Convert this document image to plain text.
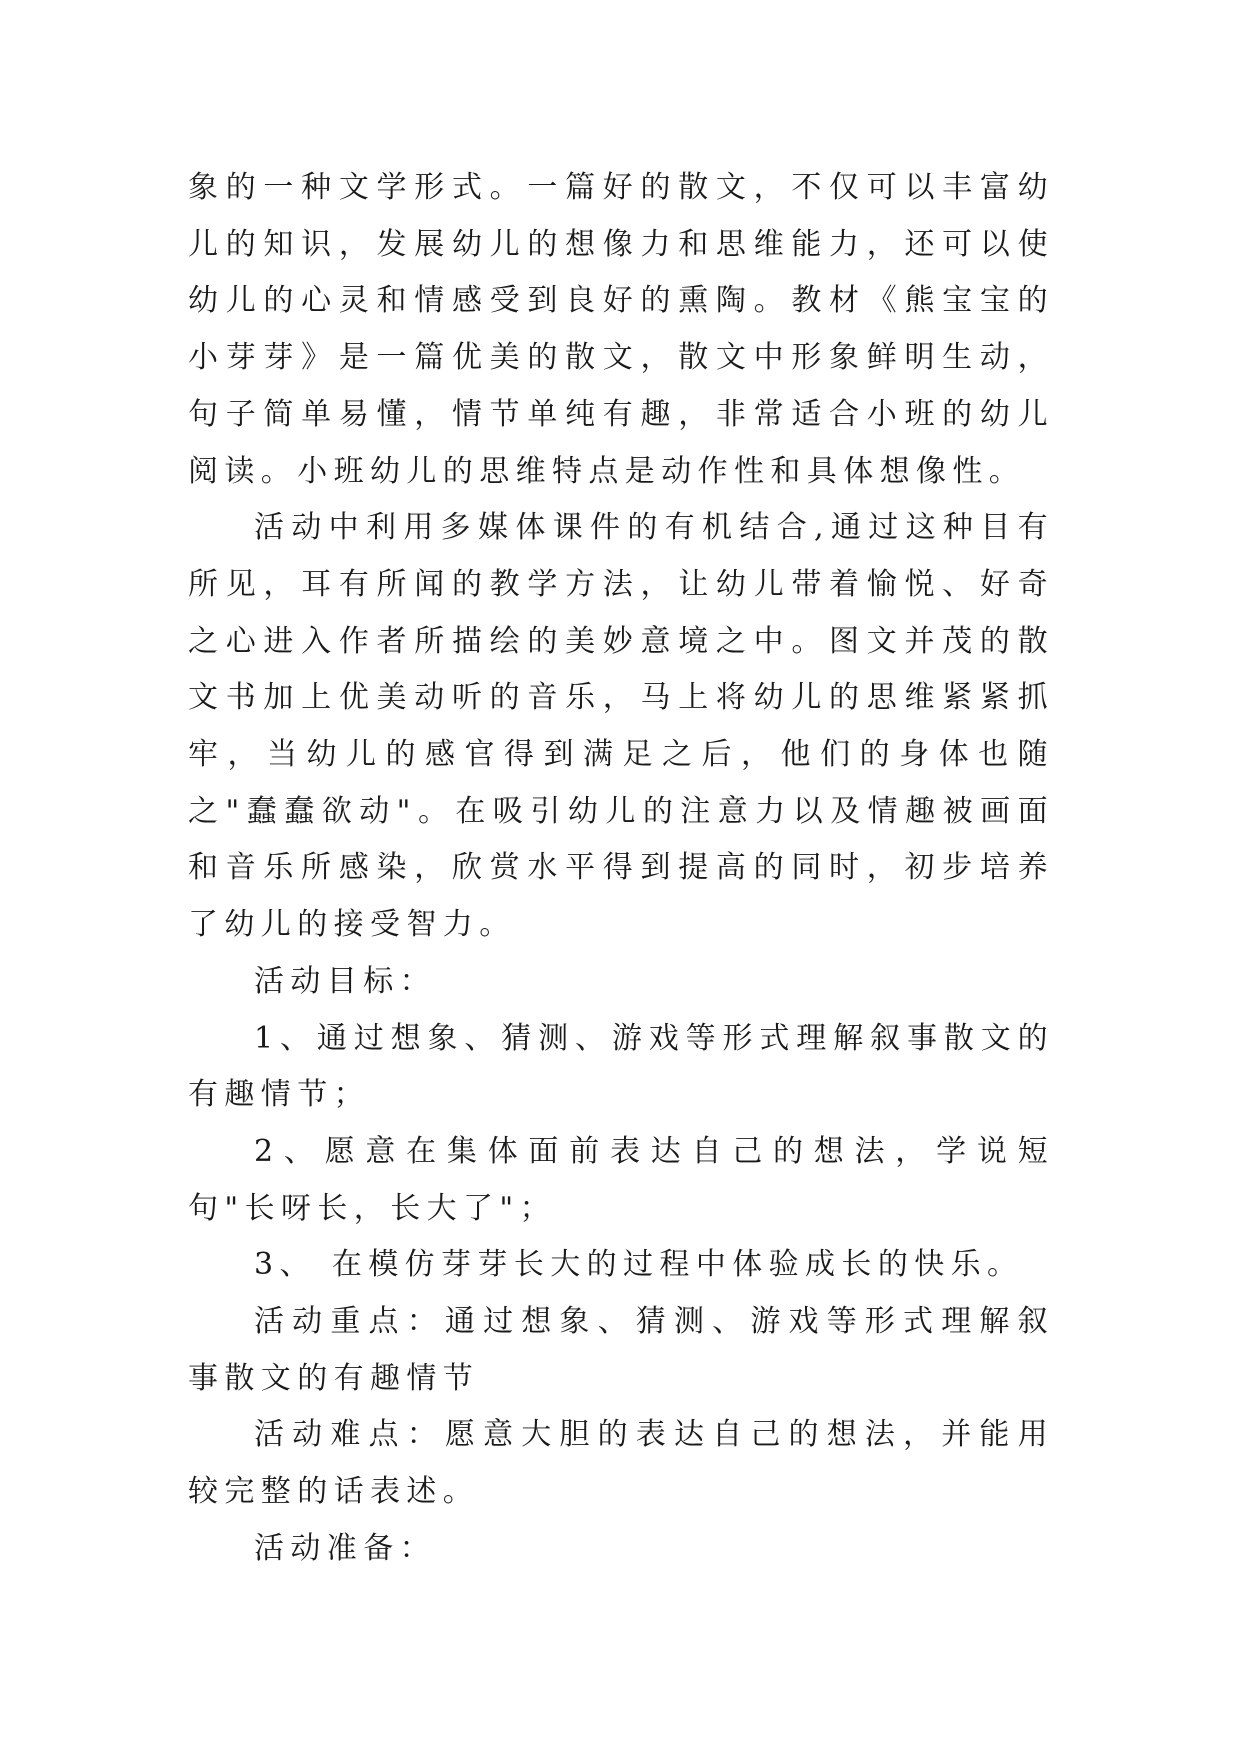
象的一种文学形式。一篇好的散文，不仅可以丰富幼儿的知识，发展幼儿的想像力和思维能力，还可以使幼儿的心灵和情感受到良好的熏陶。教材《熊宝宝的小芽芽》是一篇优美的散文，散文中形象鲜明生动，句子简单易懂，情节单纯有趣，非常适合小班的幼儿阅读。小班幼儿的思维特点是动作性和具体想像性。

活动中利用多媒体课件的有机结合,通过这种目有所见，耳有所闻的教学方法，让幼儿带着愉悦、好奇之心进入作者所描绘的美妙意境之中。图文并茂的散文书加上优美动听的音乐，马上将幼儿的思维紧紧抓牢，当幼儿的感官得到满足之后，他们的身体也随之"蠢蠢欲动"。在吸引幼儿的注意力以及情趣被画面和音乐所感染，欣赏水平得到提高的同时，初步培养了幼儿的接受智力。

活动目标：

1、通过想象、猜测、游戏等形式理解叙事散文的有趣情节；

2、愿意在集体面前表达自己的想法，学说短句"长呀长，长大了"；

3、 在模仿芽芽长大的过程中体验成长的快乐。

活动重点：通过想象、猜测、游戏等形式理解叙事散文的有趣情节

活动难点：愿意大胆的表达自己的想法，并能用较完整的话表述。

活动准备：
